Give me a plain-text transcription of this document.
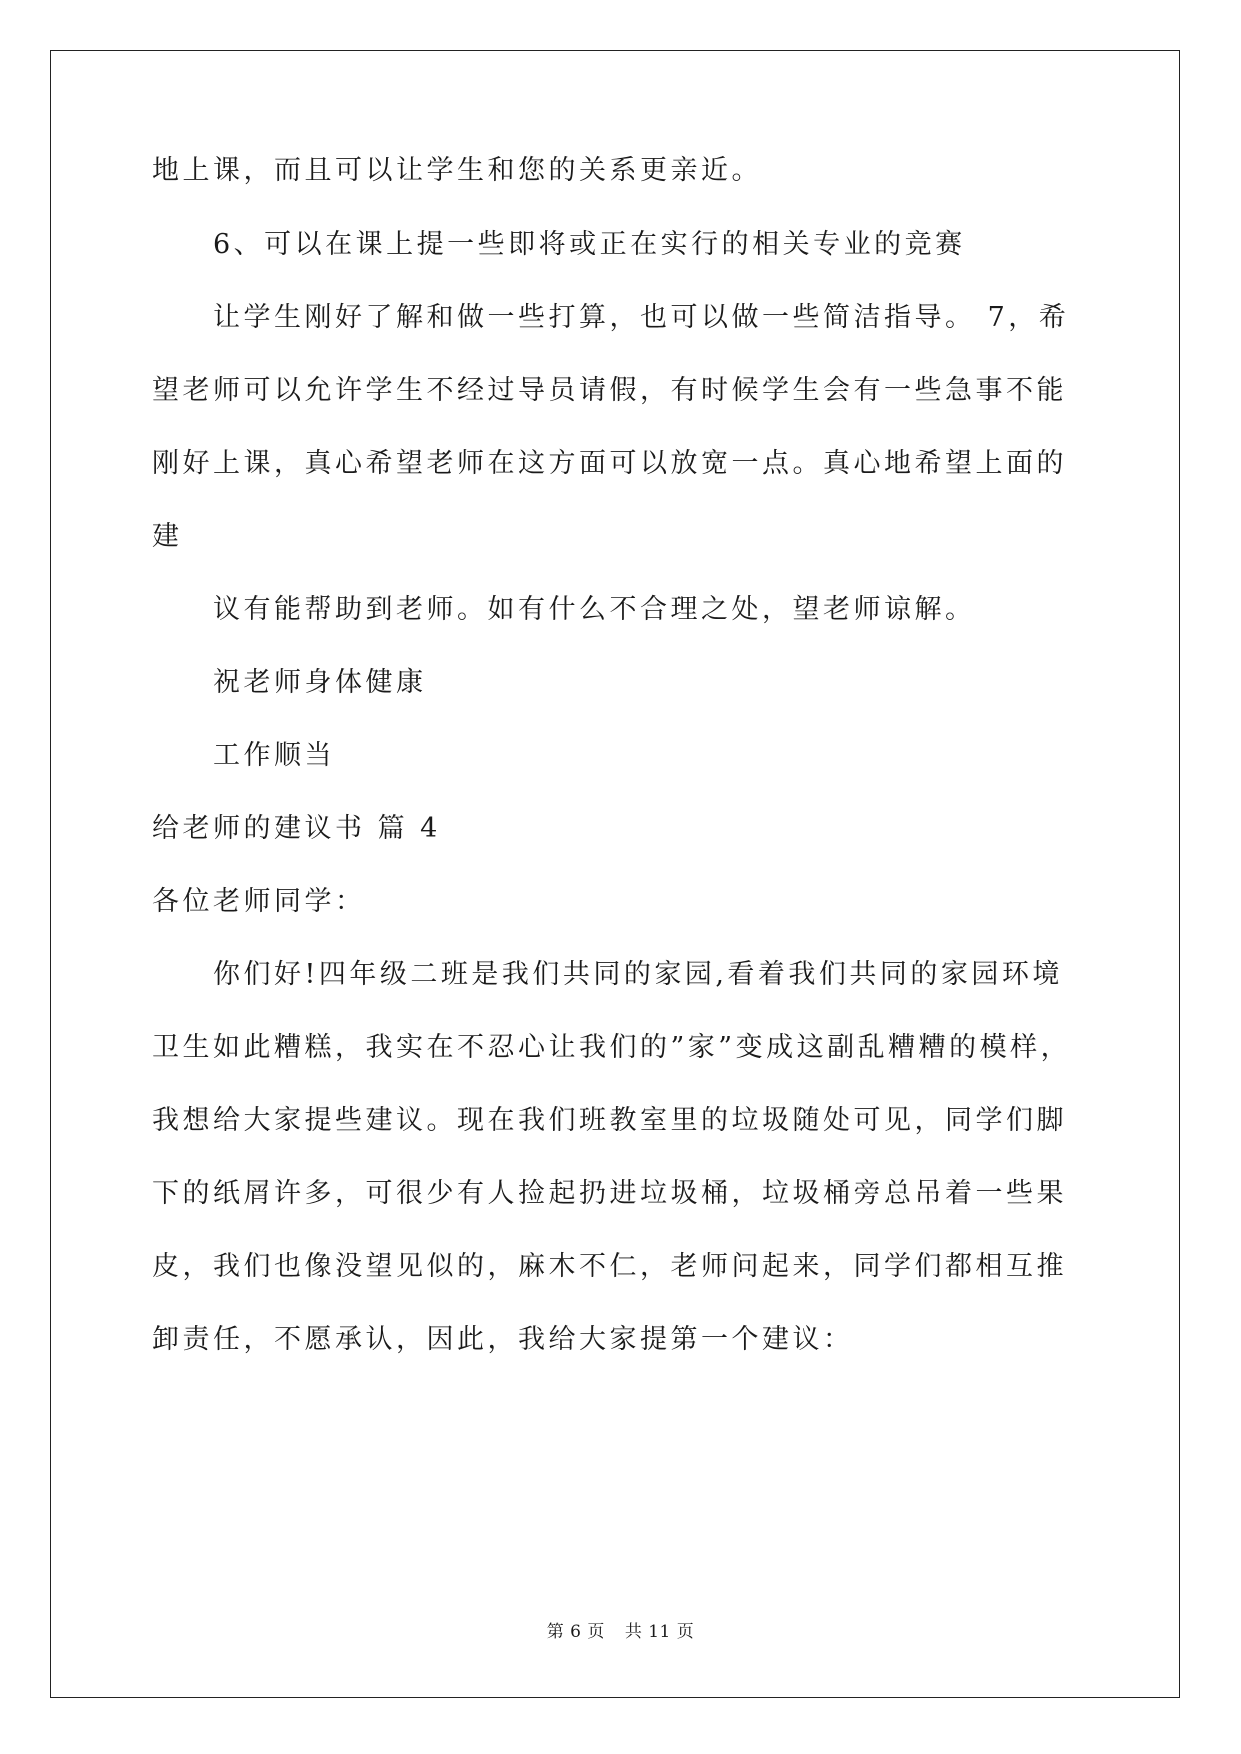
地上课，而且可以让学生和您的关系更亲近。
6、可以在课上提一些即将或正在实行的相关专业的竞赛
让学生刚好了解和做一些打算，也可以做一些简洁指导。 7，希
望老师可以允许学生不经过导员请假，有时候学生会有一些急事不能
刚好上课，真心希望老师在这方面可以放宽一点。真心地希望上面的
建
议有能帮助到老师。如有什么不合理之处，望老师谅解。
祝老师身体健康
工作顺当
给老师的建议书 篇 4
各位老师同学：
你们好!四年级二班是我们共同的家园,看着我们共同的家园环境
卫生如此糟糕，我实在不忍心让我们的”家”变成这副乱糟糟的模样，
我想给大家提些建议。现在我们班教室里的垃圾随处可见，同学们脚
下的纸屑许多，可很少有人捡起扔进垃圾桶，垃圾桶旁总吊着一些果
皮，我们也像没望见似的，麻木不仁，老师问起来，同学们都相互推
卸责任，不愿承认，因此，我给大家提第一个建议：
第 6 页 共 11 页
